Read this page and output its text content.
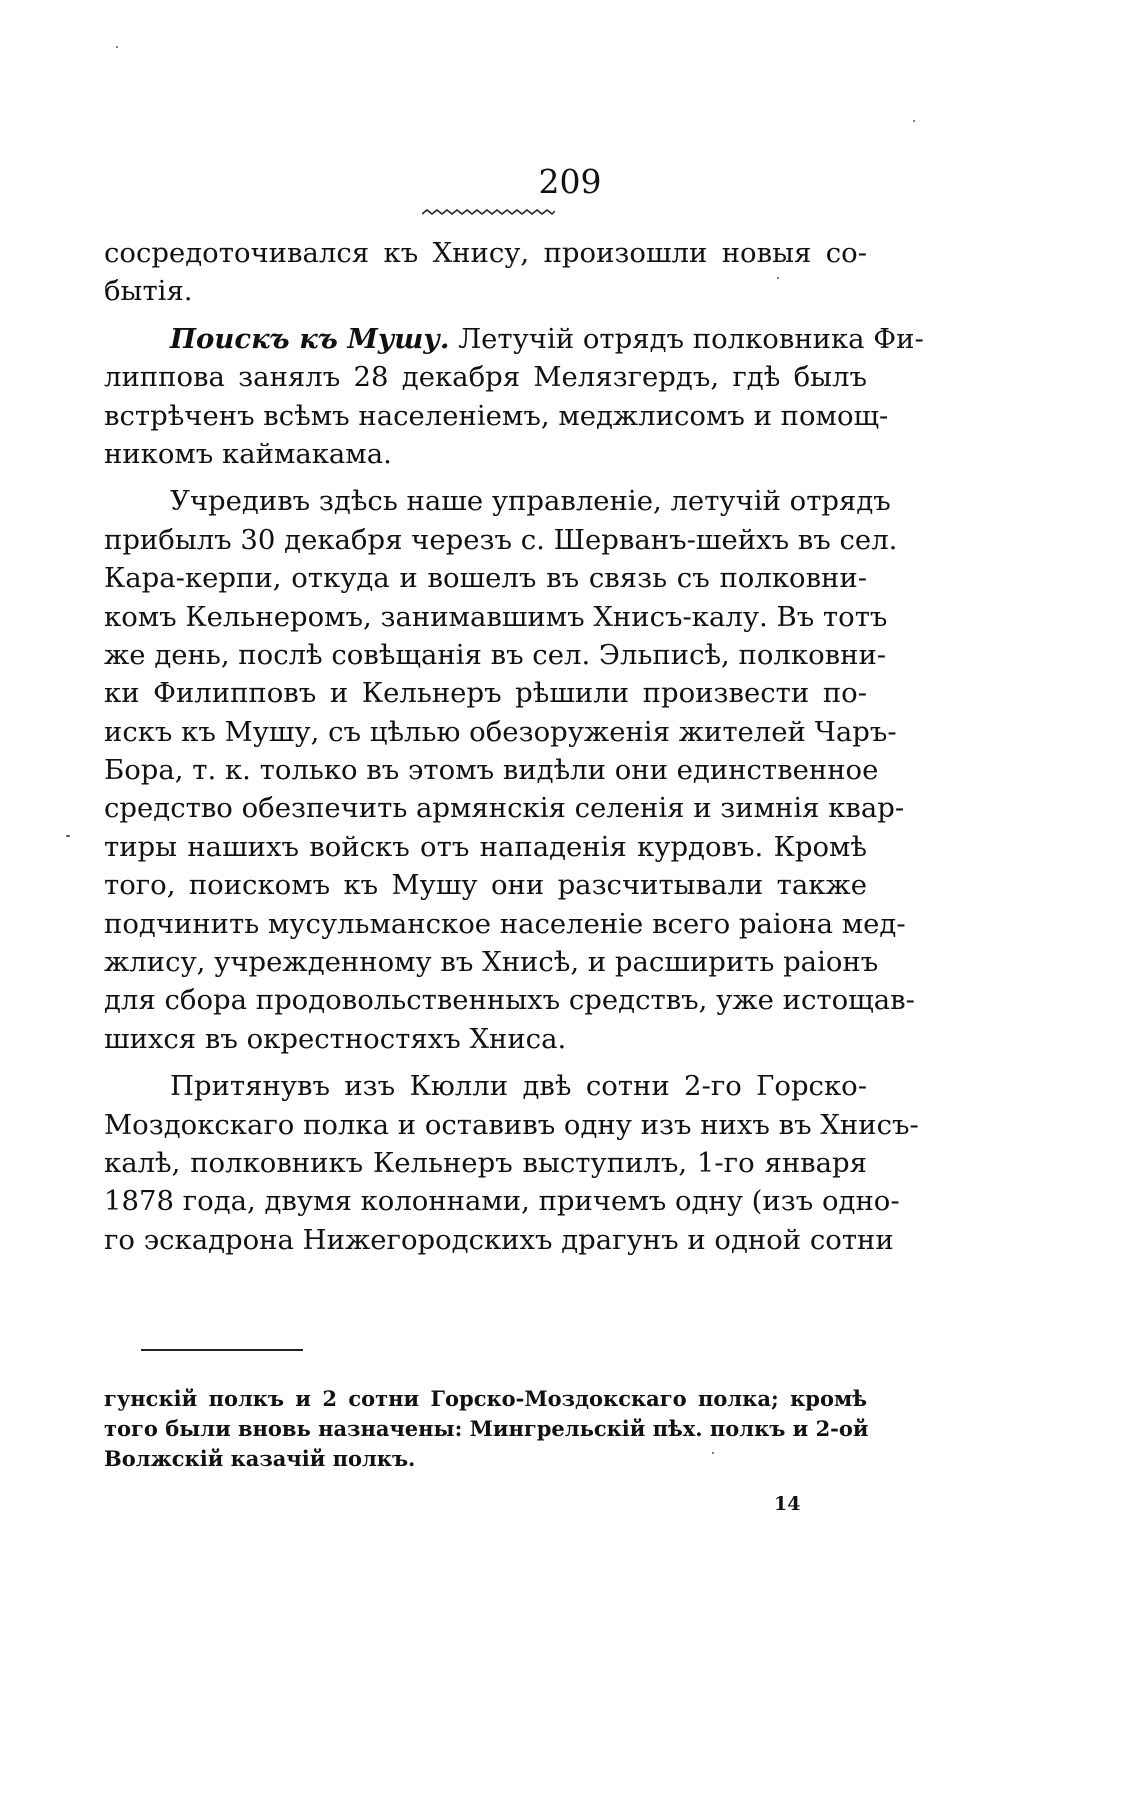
209
сосредоточивался къ Хнису, произошли новыя со-
бытія.
Поискъ къ Мушу. Летучій отрядъ полковника Фи-
липпова занялъ 28 декабря Мелязгердъ, гдѣ былъ
встрѣченъ всѣмъ населеніемъ, меджлисомъ и помощ-
никомъ каймакама.
Учредивъ здѣсь наше управленіе, летучій отрядъ
прибылъ 30 декабря черезъ с. Шерванъ-шейхъ въ сел.
Кара-керпи, откуда и вошелъ въ связь съ полковни-
комъ Кельнеромъ, занимавшимъ Хнисъ-калу. Въ тотъ
же день, послѣ совѣщанія въ сел. Эльписѣ, полковни-
ки Филипповъ и Кельнеръ рѣшили произвести по-
искъ къ Мушу, съ цѣлью обезоруженія жителей Чаръ-
Бора, т. к. только въ этомъ видѣли они единственное
средство обезпечить армянскія селенія и зимнія квар-
тиры нашихъ войскъ отъ нападенія курдовъ. Кромѣ
того, поискомъ къ Мушу они разсчитывали также
подчинить мусульманское населеніе всего раіона мед-
жлису, учрежденному въ Хнисѣ, и расширить раіонъ
для сбора продовольственныхъ средствъ, уже истощав-
шихся въ окрестностяхъ Хниса.
Притянувъ изъ Кюлли двѣ сотни 2-го Горско-
Моздокскаго полка и оставивъ одну изъ нихъ въ Хнисъ-
калѣ, полковникъ Кельнеръ выступилъ, 1-го января
1878 года, двумя колоннами, причемъ одну (изъ одно-
го эскадрона Нижегородскихъ драгунъ и одной сотни
гунскій полкъ и 2 сотни Горско-Моздокскаго полка; кромѣ
того были вновь назначены: Мингрельскій пѣх. полкъ и 2-ой
Волжскій казачій полкъ.
14
